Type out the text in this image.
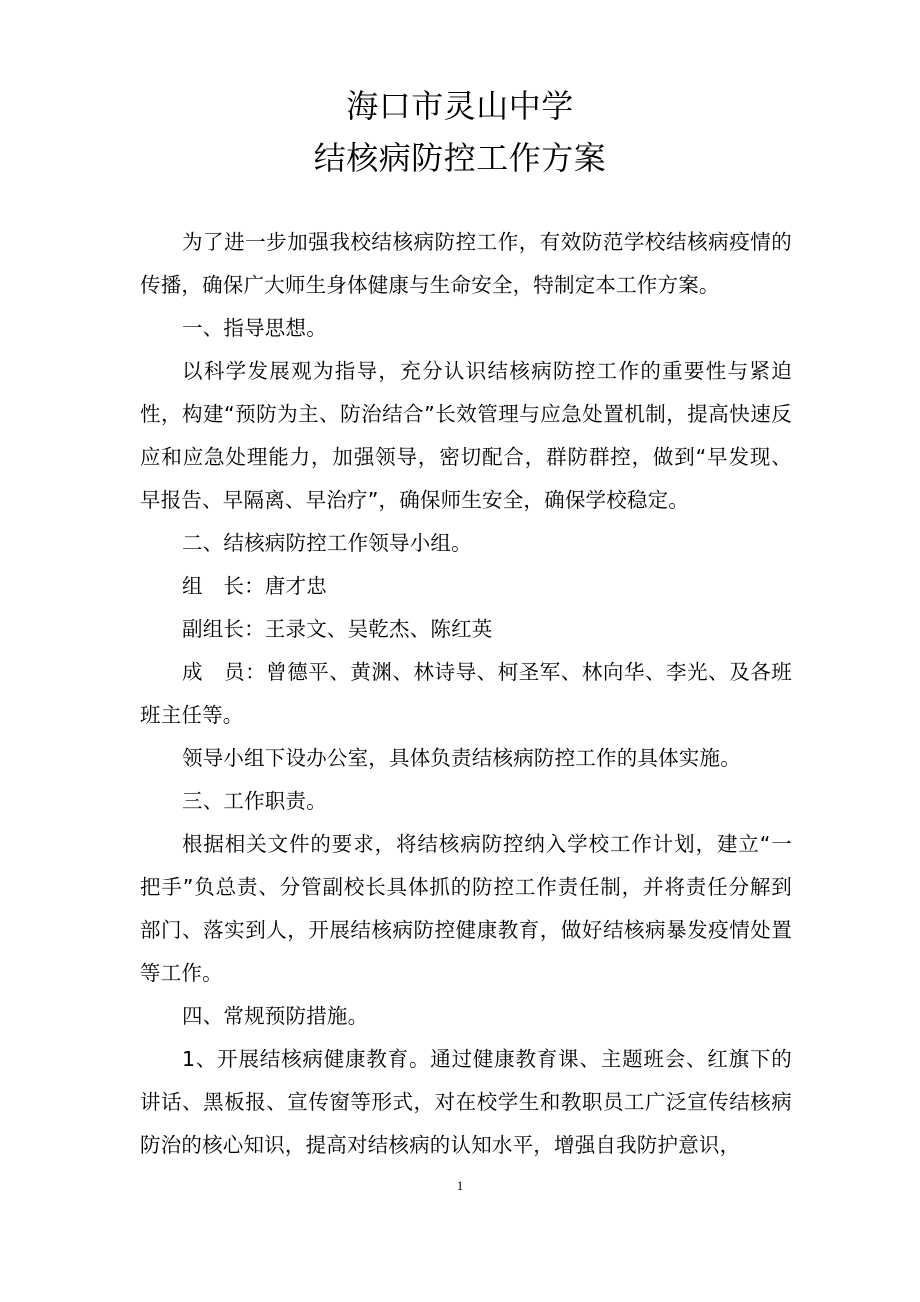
海口市灵山中学
结核病防控工作方案

为了进一步加强我校结核病防控工作，有效防范学校结核病疫情的传播，确保广大师生身体健康与生命安全，特制定本工作方案。

一、指导思想。

以科学发展观为指导，充分认识结核病防控工作的重要性与紧迫性，构建“预防为主、防治结合”长效管理与应急处置机制，提高快速反应和应急处理能力，加强领导，密切配合，群防群控，做到“早发现、早报告、早隔离、早治疗”，确保师生安全，确保学校稳定。

二、结核病防控工作领导小组。

组　长：唐才忠

副组长：王录文、吴乾杰、陈红英

成　员：曾德平、黄渊、林诗导、柯圣军、林向华、李光、及各班班主任等。

领导小组下设办公室，具体负责结核病防控工作的具体实施。

三、工作职责。

根据相关文件的要求，将结核病防控纳入学校工作计划，建立“一把手”负总责、分管副校长具体抓的防控工作责任制，并将责任分解到部门、落实到人，开展结核病防控健康教育，做好结核病暴发疫情处置等工作。

四、常规预防措施。

1、开展结核病健康教育。通过健康教育课、主题班会、红旗下的讲话、黑板报、宣传窗等形式，对在校学生和教职员工广泛宣传结核病防治的核心知识，提高对结核病的认知水平，增强自我防护意识，

1
